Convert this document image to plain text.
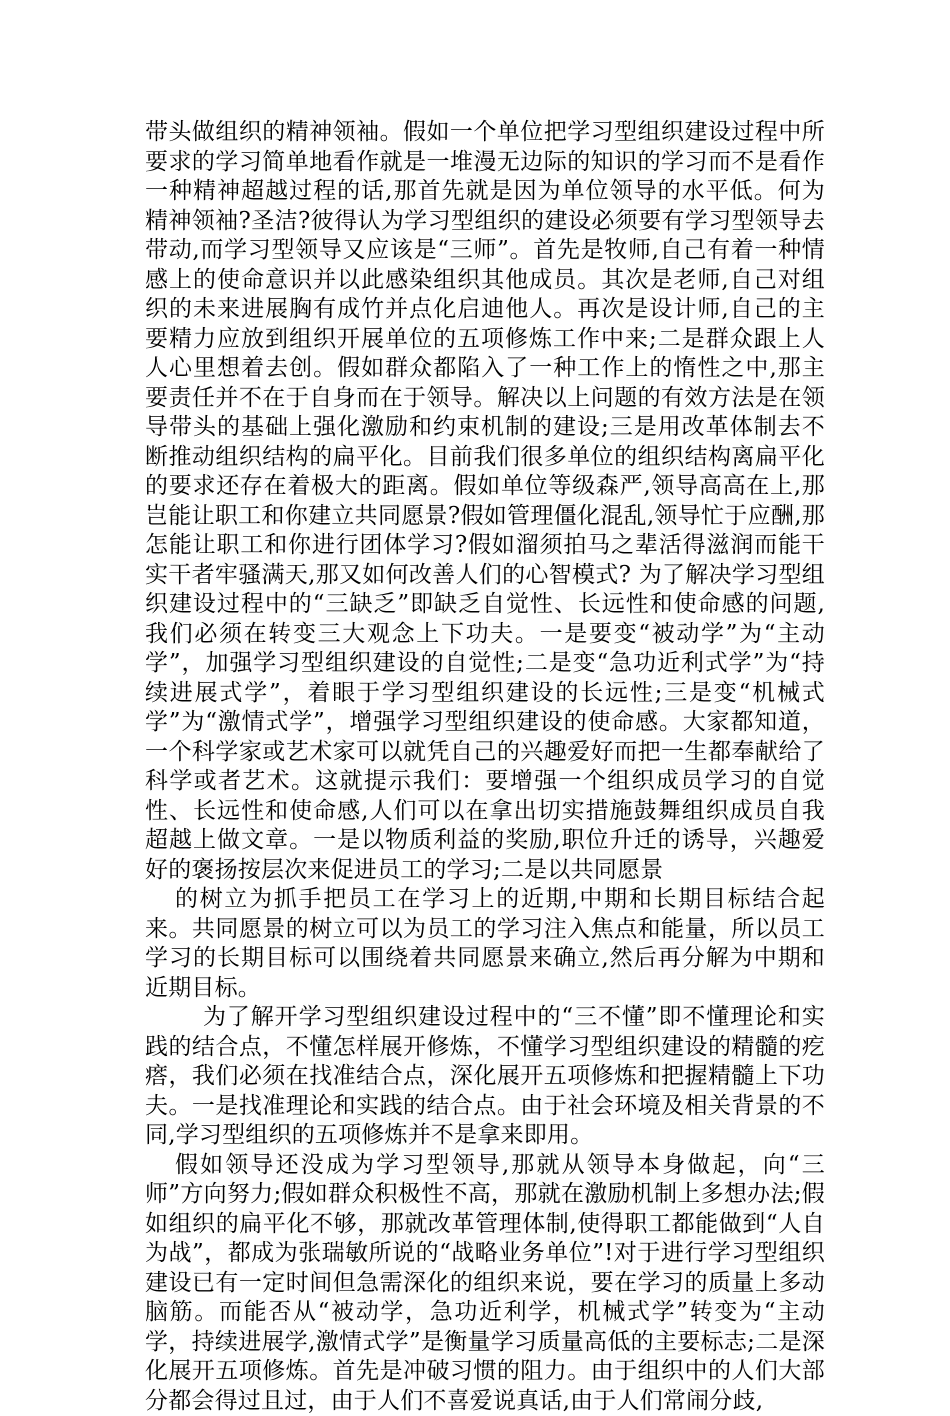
带头做组织的精神领袖。假如一个单位把学习型组织建设过程中所要求的学习简单地看作就是一堆漫无边际的知识的学习而不是看作一种精神超越过程的话,那首先就是因为单位领导的水平低。何为精神领袖?圣洁?彼得认为学习型组织的建设必须要有学习型领导去带动,而学习型领导又应该是“三师”。首先是牧师,自己有着一种情感上的使命意识并以此感染组织其他成员。其次是老师,自己对组织的未来进展胸有成竹并点化启迪他人。再次是设计师,自己的主要精力应放到组织开展单位的五项修炼工作中来;二是群众跟上人人心里想着去创。假如群众都陷入了一种工作上的惰性之中,那主要责任并不在于自身而在于领导。解决以上问题的有效方法是在领导带头的基础上强化激励和约束机制的建设;三是用改革体制去不断推动组织结构的扁平化。目前我们很多单位的组织结构离扁平化的要求还存在着极大的距离。假如单位等级森严,领导高高在上,那岂能让职工和你建立共同愿景?假如管理僵化混乱,领导忙于应酬,那怎能让职工和你进行团体学习?假如溜须拍马之辈活得滋润而能干实干者牢骚满天,那又如何改善人们的心智模式? 为了解决学习型组织建设过程中的“三缺乏”即缺乏自觉性、长远性和使命感的问题,我们必须在转变三大观念上下功夫。一是要变“被动学”为“主动学”，加强学习型组织建设的自觉性;二是变“急功近利式学”为“持续进展式学”，着眼于学习型组织建设的长远性;三是变“机械式学”为“激情式学”，增强学习型组织建设的使命感。大家都知道，一个科学家或艺术家可以就凭自己的兴趣爱好而把一生都奉献给了科学或者艺术。这就提示我们：要增强一个组织成员学习的自觉性、长远性和使命感,人们可以在拿出切实措施鼓舞组织成员自我超越上做文章。一是以物质利益的奖励,职位升迁的诱导，兴趣爱好的褒扬按层次来促进员工的学习;二是以共同愿景

的树立为抓手把员工在学习上的近期,中期和长期目标结合起来。共同愿景的树立可以为员工的学习注入焦点和能量，所以员工学习的长期目标可以围绕着共同愿景来确立,然后再分解为中期和近期目标。

为了解开学习型组织建设过程中的“三不懂”即不懂理论和实践的结合点，不懂怎样展开修炼，不懂学习型组织建设的精髓的疙瘩，我们必须在找准结合点，深化展开五项修炼和把握精髓上下功夫。一是找准理论和实践的结合点。由于社会环境及相关背景的不同,学习型组织的五项修炼并不是拿来即用。

假如领导还没成为学习型领导,那就从领导本身做起，向“三师”方向努力;假如群众积极性不高，那就在激励机制上多想办法;假如组织的扁平化不够，那就改革管理体制,使得职工都能做到“人自为战”，都成为张瑞敏所说的“战略业务单位”!对于进行学习型组织建设已有一定时间但急需深化的组织来说，要在学习的质量上多动脑筋。而能否从“被动学，急功近利学，机械式学”转变为“主动学，持续进展学,激情式学”是衡量学习质量高低的主要标志;二是深化展开五项修炼。首先是冲破习惯的阻力。由于组织中的人们大部分都会得过且过，由于人们不喜爱说真话,由于人们常闹分歧,
